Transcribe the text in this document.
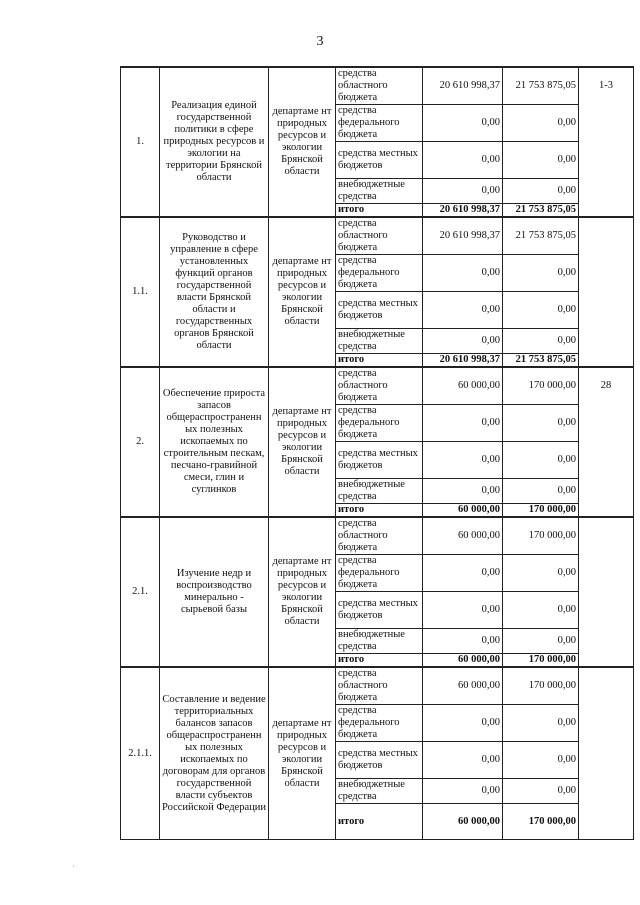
3
1.	Реализация единой государственной политики в сфере природных ресурсов и экологии на территории Брянской области	департаме нт природных ресурсов и экологии Брянской области	средства областного бюджета	20 610 998,37	21 753 875,05	1-3
			средства федерального бюджета	0,00	0,00	
			средства местных бюджетов	0,00	0,00	
			внебюджетные средства	0,00	0,00	
			итого	20 610 998,37	21 753 875,05	
1.1.	Руководство и управление в сфере установленных функций органов государственной власти Брянской области и государственных органов Брянской области	департаме нт природных ресурсов и экологии Брянской области	средства областного бюджета	20 610 998,37	21 753 875,05	
			средства федерального бюджета	0,00	0,00	
			средства местных бюджетов	0,00	0,00	
			внебюджетные средства	0,00	0,00	
			итого	20 610 998,37	21 753 875,05	
2.	Обеспечение прироста запасов общераспространенн ых полезных ископаемых по строительным пескам, песчано-гравийной смеси, глин и суглинков	департаме нт природных ресурсов и экологии Брянской области	средства областного бюджета	60 000,00	170 000,00	28
			средства федерального бюджета	0,00	0,00	
			средства местных бюджетов	0,00	0,00	
			внебюджетные средства	0,00	0,00	
			итого	60 000,00	170 000,00	
2.1.	Изучение недр и воспроизводство минерально - сырьевой базы	департаме нт природных ресурсов и экологии Брянской области	средства областного бюджета	60 000,00	170 000,00	
			средства федерального бюджета	0,00	0,00	
			средства местных бюджетов	0,00	0,00	
			внебюджетные средства	0,00	0,00	
			итого	60 000,00	170 000,00	
2.1.1.	Составление и ведение территориальных балансов запасов общераспространенн ых полезных ископаемых по договорам для органов государственной власти субъектов Российской Федерации	департаме нт природных ресурсов и экологии Брянской области	средства областного бюджета	60 000,00	170 000,00	
			средства федерального бюджета	0,00	0,00	
			средства местных бюджетов	0,00	0,00	
			внебюджетные средства	0,00	0,00	
			итого	60 000,00	170 000,00	
·
